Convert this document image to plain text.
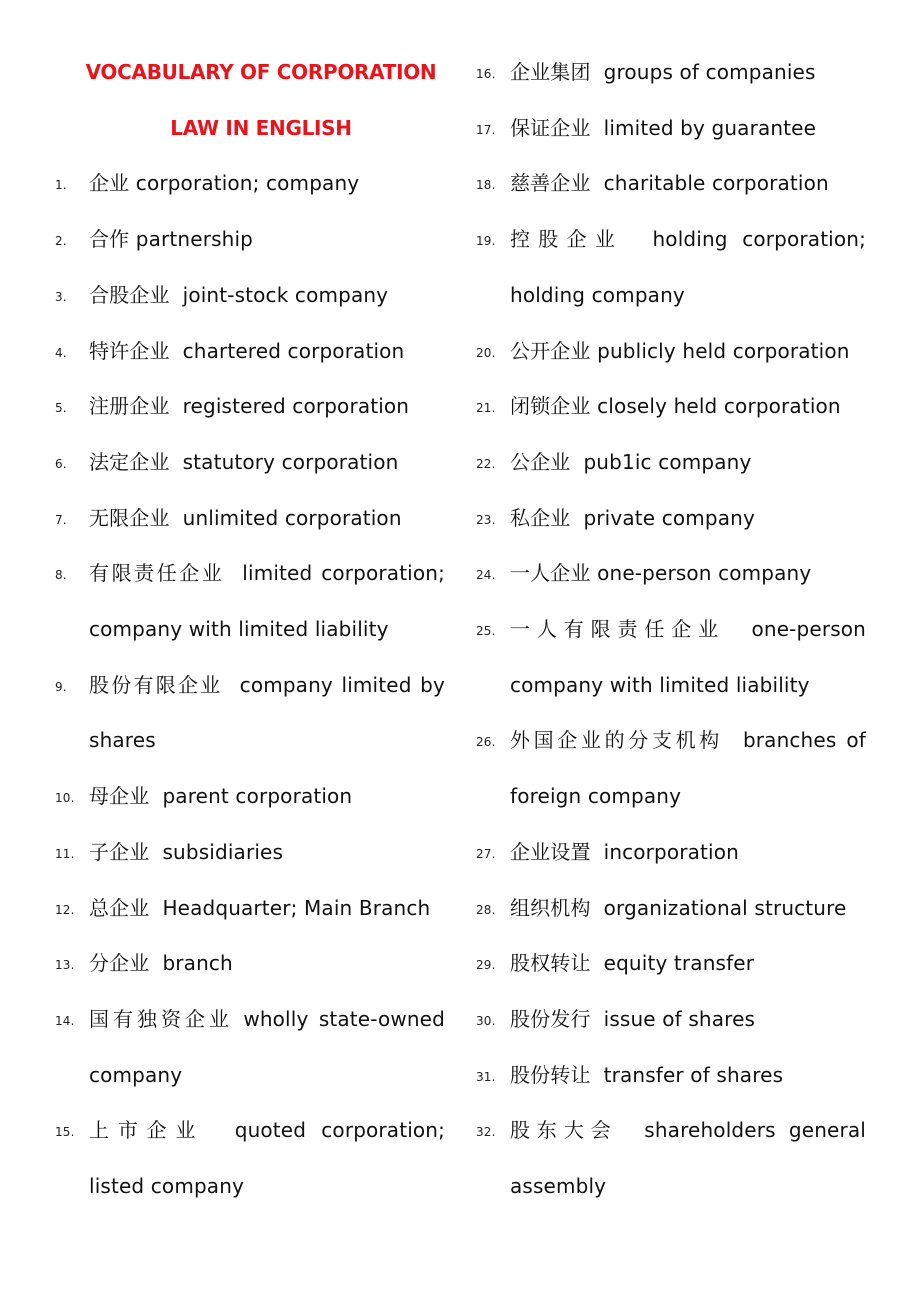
VOCABULARY OF CORPORATION
LAW IN ENGLISH
1. 企业 corporation; company
2. 合作 partnership
3. 合股企业  joint-stock company
4. 特许企业  chartered corporation
5. 注册企业  registered corporation
6. 法定企业  statutory corporation
7. 无限企业  unlimited corporation
8. 有限责任企业  limited corporation; company with limited liability
9. 股份有限企业  company limited by shares
10. 母企业  parent corporation
11. 子企业  subsidiaries
12. 总企业  Headquarter; Main Branch
13. 分企业  branch
14. 国有独资企业 wholly state-owned company
15. 上市企业  quoted corporation; listed company
16. 企业集团  groups of companies
17. 保证企业  limited by guarantee
18. 慈善企业  charitable corporation
19. 控股企业  holding corporation; holding company
20. 公开企业 publicly held corporation
21. 闭锁企业 closely held corporation
22. 公企业  pub1ic company
23. 私企业  private company
24. 一人企业 one-person company
25. 一人有限责任企业  one-person company with limited liability
26. 外国企业的分支机构  branches of foreign company
27. 企业设置  incorporation
28. 组织机构  organizational structure
29. 股权转让  equity transfer
30. 股份发行  issue of shares
31. 股份转让  transfer of shares
32. 股东大会  shareholders general assembly
